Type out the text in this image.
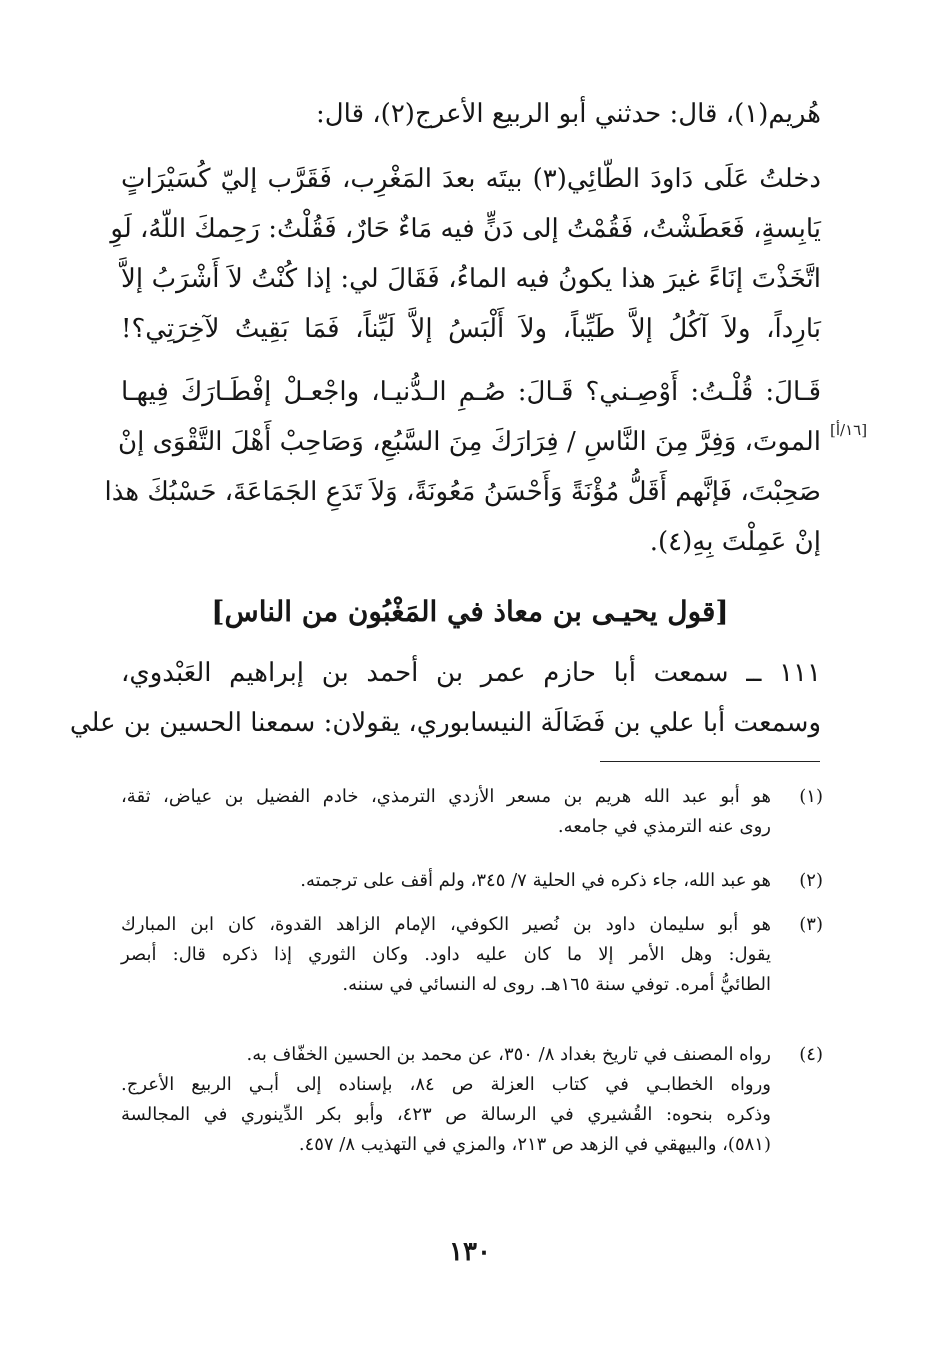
هُريم(١)، قال: حدثني أبو الربيع الأعرج(٢)، قال:
دخلتُ عَلَى دَاودَ الطّائِي(٣) بيتَه بعدَ المَغْرِب، فَقَرَّب إليّ كُسَيْرَاتٍ
يَابِسةٍ، فَعَطَشْتُ، فَقُمْتُ إلى دَنٍّ فيه مَاءٌ حَارٌ، فَقُلْتُ: رَحِمكَ اللّهُ، لَوِ
اتَّخَذْتَ إنَاءً غيرَ هذا يكونُ فيه الماءُ، فَقَالَ لي: إذا كُنْتُ لاَ أَشْرَبُ إلاَّ
بَارِداً، ولاَ آكُلُ إلاَّ طَيِّباً، ولاَ أَلْبَسُ إلاَّ لَيِّناً، فَمَا بَقِيتُ لآخِرَتِي؟!
قَـالَ: قُلْـتُ: أَوْصِـني؟ قَـالَ: صُـمِ الـدُّنيـا، واجْعـلْ إفْطَـارَكَ فِيهـا
الموتَ، وَفِرَّ مِنَ النَّاسِ / فِرَارَكَ مِنَ السَّبُعِ، وَصَاحِبْ أَهْلَ التَّقْوَى إنْ
صَحِبْتَ، فَإنَّهم أَقَلُّ مُؤْنَةً وَأَحْسَنُ مَعُونَةً، وَلاَ تَدَعِ الجَمَاعَةَ، حَسْبُكَ هذا
إنْ عَمِلْتَ بِهِ(٤).
[١٦/أ]
[قول يحيـى بن معاذ في المَغْبُون من الناس]
١١١ ــ سمعت أبا حازم عمر بن أحمد بن إبراهيم العَبْدوي،
وسمعت أبا علي بن فَضَالَة النيسابوري، يقولان: سمعنا الحسين بن علي
(١)
هو أبو عبد الله هريم بن مسعر الأزدي الترمذي، خادم الفضيل بن عياض، ثقة،
روى عنه الترمذي في جامعه.
(٢)
هو عبد الله، جاء ذكره في الحلية ٧/ ٣٤٥، ولم أقف على ترجمته.
(٣)
هو أبو سليمان داود بن نُصير الكوفي، الإمام الزاهد القدوة، كان ابن المبارك
يقول: وهل الأمر إلا ما كان عليه داود. وكان الثوري إذا ذكره قال: أبصر
الطائيُّ أمره. توفي سنة ١٦٥هـ. روى له النسائي في سننه.
(٤)
رواه المصنف في تاريخ بغداد ٨/ ٣٥٠، عن محمد بن الحسين الخفّاف به.
ورواه الخطابـي في كتاب العزلة ص ٨٤، بإسناده إلى أبـي الربيع الأعرج.
وذكره بنحوه: القُشيري في الرسالة ص ٤٢٣، وأبو بكر الدِّينوري في المجالسة
(٥٨١)، والبيهقي في الزهد ص ٢١٣، والمزي في التهذيب ٨/ ٤٥٧.
١٣٠
